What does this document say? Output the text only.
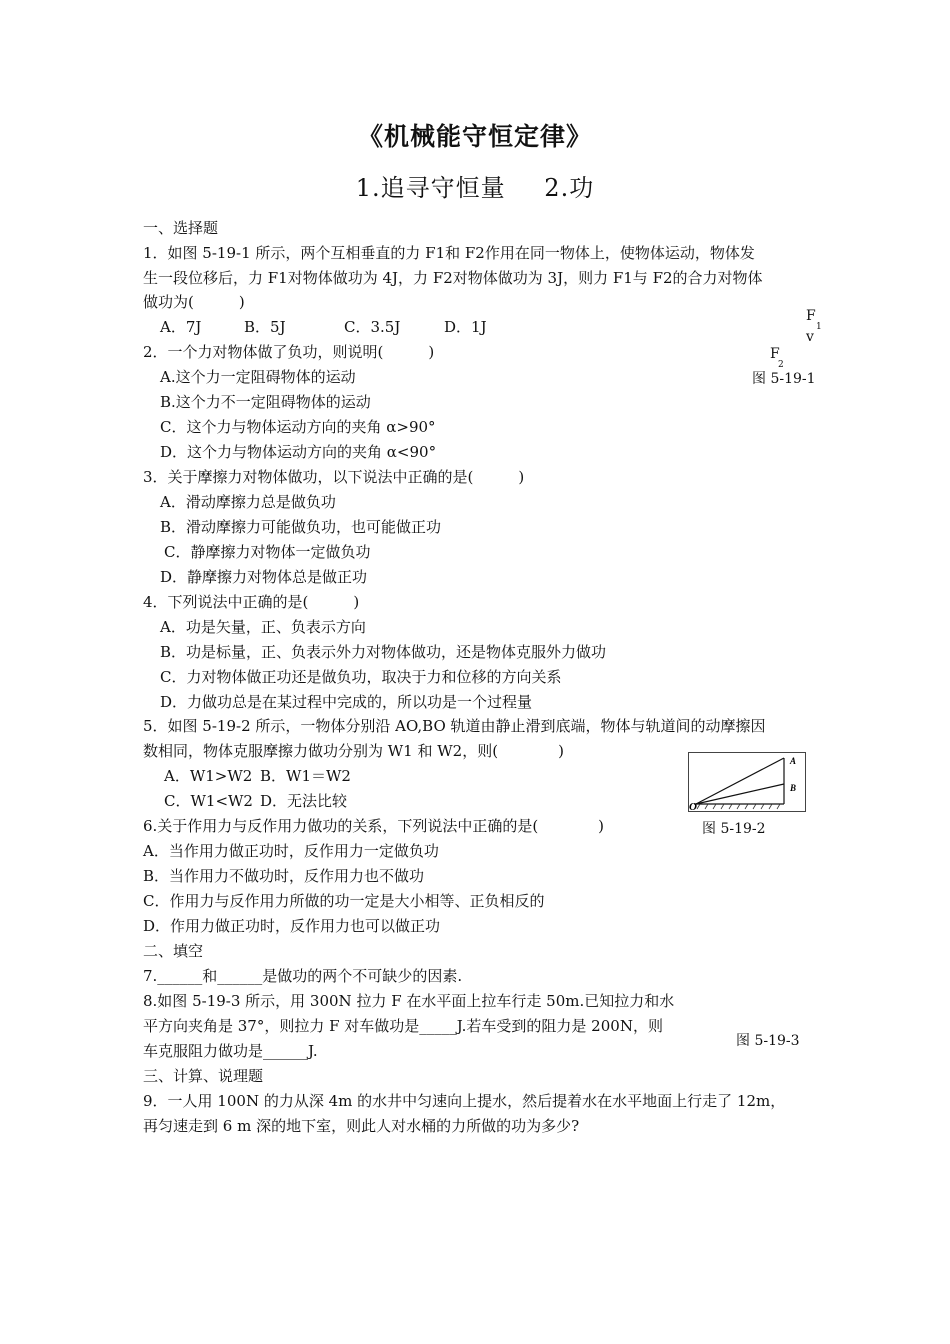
《机械能守恒定律》
1.追寻守恒量 2.功
一、选择题
1．如图 5-19-1 所示，两个互相垂直的力 F1和 F2作用在同一物体上，使物体运动，物体发
生一段位移后，力 F1对物体做功为 4J，力 F2对物体做功为 3J，则力 F1与 F2的合力对物体
做功为(　　　)
A．7J	B．5J	C．3.5J	D．1J
F
1
v
F
2
图 5-19-1
2．一个力对物体做了负功，则说明(　　　)
A.这个力一定阻碍物体的运动
B.这个力不一定阻碍物体的运动
C．这个力与物体运动方向的夹角 α>90°
D．这个力与物体运动方向的夹角 α<90°
3．关于摩擦力对物体做功，以下说法中正确的是(　　　)
A．滑动摩擦力总是做负功
B．滑动摩擦力可能做负功，也可能做正功
C．静摩擦力对物体一定做负功
D．静摩擦力对物体总是做正功
4．下列说法中正确的是(　　　)
A．功是矢量，正、负表示方向
B．功是标量，正、负表示外力对物体做功，还是物体克服外力做功
C．力对物体做正功还是做负功，取决于力和位移的方向关系
D．力做功总是在某过程中完成的，所以功是一个过程量
5．如图 5-19-2 所示，一物体分别沿 AO,BO 轨道由静止滑到底端，物体与轨道间的动摩擦因
数相同，物体克服摩擦力做功分别为 W1 和 W2，则(　　　　)
A．W1>W2 B．W1＝W2
C．W1<W2 D．无法比较
A
B
O
图 5-19-2
6.关于作用力与反作用力做功的关系，下列说法中正确的是(　　　　)
A．当作用力做正功时，反作用力一定做负功
B．当作用力不做功时，反作用力也不做功
C．作用力与反作用力所做的功一定是大小相等、正负相反的
D．作用力做正功时，反作用力也可以做正功
二、填空
7.______和______是做功的两个不可缺少的因素.
8.如图 5-19-3 所示，用 300N 拉力 F 在水平面上拉车行走 50m.已知拉力和水
平方向夹角是 37°，则拉力 F 对车做功是_____J.若车受到的阻力是 200N，则
车克服阻力做功是______J.
图 5-19-3
三、计算、说理题
9．一人用 100N 的力从深 4m 的水井中匀速向上提水，然后提着水在水平地面上行走了 12m，
再匀速走到 6 m 深的地下室，则此人对水桶的力所做的功为多少?
